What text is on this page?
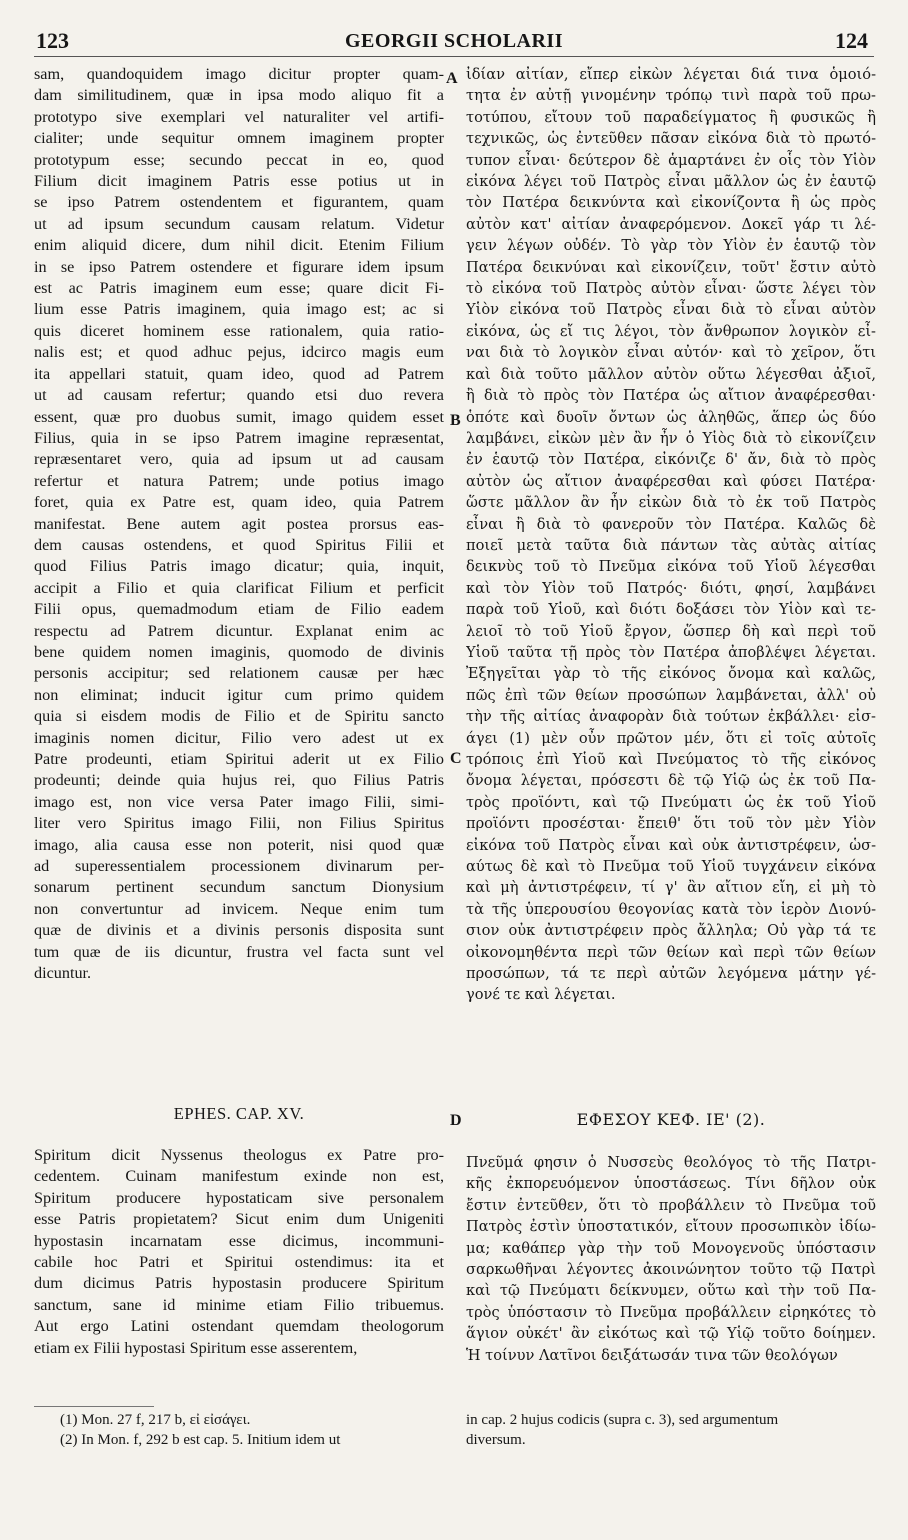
123	GEORGII SCHOLARII	124
A
B
C
D
sam, quandoquidem imago dicitur propter quam-
dam similitudinem, quæ in ipsa modo aliquo fit a
prototypo sive exemplari vel naturaliter vel artifi-
cialiter; unde sequitur omnem imaginem propter
prototypum esse; secundo peccat in eo, quod
Filium dicit imaginem Patris esse potius ut in
se ipso Patrem ostendentem et figurantem, quam
ut ad ipsum secundum causam relatum. Videtur
enim aliquid dicere, dum nihil dicit. Etenim Filium
in se ipso Patrem ostendere et figurare idem ipsum
est ac Patris imaginem eum esse; quare dicit Fi-
lium esse Patris imaginem, quia imago est; ac si
quis diceret hominem esse rationalem, quia ratio-
nalis est; et quod adhuc pejus, idcirco magis eum
ita appellari statuit, quam ideo, quod ad Patrem
ut ad causam refertur; quando etsi duo revera
essent, quæ pro duobus sumit, imago quidem esset
Filius, quia in se ipso Patrem imagine repræsentat,
repræsentaret vero, quia ad ipsum ut ad causam
refertur et natura Patrem; unde potius imago
foret, quia ex Patre est, quam ideo, quia Patrem
manifestat. Bene autem agit postea prorsus eas-
dem causas ostendens, et quod Spiritus Filii et
quod Filius Patris imago dicatur; quia, inquit,
accipit a Filio et quia clarificat Filium et perficit
Filii opus, quemadmodum etiam de Filio eadem
respectu ad Patrem dicuntur. Explanat enim ac
bene quidem nomen imaginis, quomodo de divinis
personis accipitur; sed relationem causæ per hæc
non eliminat; inducit igitur cum primo quidem
quia si eisdem modis de Filio et de Spiritu sancto
imaginis nomen dicitur, Filio vero adest ut ex
Patre prodeunti, etiam Spiritui aderit ut ex Filio
prodeunti; deinde quia hujus rei, quo Filius Patris
imago est, non vice versa Pater imago Filii, simi-
liter vero Spiritus imago Filii, non Filius Spiritus
imago, alia causa esse non poterit, nisi quod quæ
ad superessentialem processionem divinarum per-
sonarum pertinent secundum sanctum Dionysium
non convertuntur ad invicem. Neque enim tum
quæ de divinis et a divinis personis disposita sunt
tum quæ de iis dicuntur, frustra vel facta sunt vel
dicuntur.
ἰδίαν αἰτίαν, εἴπερ εἰκὼν λέγεται διά τινα ὁμοιό-
τητα ἐν αὐτῇ γινομένην τρόπῳ τινὶ παρὰ τοῦ πρω-
τοτύπου, εἴτουν τοῦ παραδείγματος ἢ φυσικῶς ἢ
τεχνικῶς, ὡς ἐντεῦθεν πᾶσαν εἰκόνα διὰ τὸ πρωτό-
τυπον εἶναι· δεύτερον δὲ ἁμαρτάνει ἐν οἷς τὸν Υἱὸν
εἰκόνα λέγει τοῦ Πατρὸς εἶναι μᾶλλον ὡς ἐν ἑαυτῷ
τὸν Πατέρα δεικνύντα καὶ εἰκονίζοντα ἢ ὡς πρὸς
αὐτὸν κατ' αἰτίαν ἀναφερόμενον. Δοκεῖ γάρ τι λέ-
γειν λέγων οὐδέν. Τὸ γὰρ τὸν Υἱὸν ἐν ἑαυτῷ τὸν
Πατέρα δεικνύναι καὶ εἰκονίζειν, τοῦτ' ἔστιν αὐτὸ
τὸ εἰκόνα τοῦ Πατρὸς αὐτὸν εἶναι· ὥστε λέγει τὸν
Υἱὸν εἰκόνα τοῦ Πατρὸς εἶναι διὰ τὸ εἶναι αὐτὸν
εἰκόνα, ὡς εἴ τις λέγοι, τὸν ἄνθρωπον λογικὸν εἶ-
ναι διὰ τὸ λογικὸν εἶναι αὐτόν· καὶ τὸ χεῖρον, ὅτι
καὶ διὰ τοῦτο μᾶλλον αὐτὸν οὕτω λέγεσθαι ἀξιοῖ,
ἢ διὰ τὸ πρὸς τὸν Πατέρα ὡς αἴτιον ἀναφέρεσθαι·
ὁπότε καὶ δυοῖν ὄντων ὡς ἀληθῶς, ἅπερ ὡς δύο
λαμβάνει, εἰκὼν μὲν ἂν ἦν ὁ Υἱὸς διὰ τὸ εἰκονίζειν
ἐν ἑαυτῷ τὸν Πατέρα, εἰκόνιζε δ' ἄν, διὰ τὸ πρὸς
αὐτὸν ὡς αἴτιον ἀναφέρεσθαι καὶ φύσει Πατέρα·
ὥστε μᾶλλον ἂν ἦν εἰκὼν διὰ τὸ ἐκ τοῦ Πατρὸς
εἶναι ἢ διὰ τὸ φανεροῦν τὸν Πατέρα. Καλῶς δὲ
ποιεῖ μετὰ ταῦτα διὰ πάντων τὰς αὐτὰς αἰτίας
δεικνὺς τοῦ τὸ Πνεῦμα εἰκόνα τοῦ Υἱοῦ λέγεσθαι
καὶ τὸν Υἱὸν τοῦ Πατρός· διότι, φησί, λαμβάνει
παρὰ τοῦ Υἱοῦ, καὶ διότι δοξάσει τὸν Υἱὸν καὶ τε-
λειοῖ τὸ τοῦ Υἱοῦ ἔργον, ὥσπερ δὴ καὶ περὶ τοῦ
Υἱοῦ ταῦτα τῇ πρὸς τὸν Πατέρα ἀποβλέψει λέγεται.
Ἐξηγεῖται γὰρ τὸ τῆς εἰκόνος ὄνομα καὶ καλῶς,
πῶς ἐπὶ τῶν θείων προσώπων λαμβάνεται, ἀλλ' οὐ
τὴν τῆς αἰτίας ἀναφορὰν διὰ τούτων ἐκβάλλει· εἰσ-
άγει (1) μὲν οὖν πρῶτον μέν, ὅτι εἰ τοῖς αὐτοῖς
τρόποις ἐπὶ Υἱοῦ καὶ Πνεύματος τὸ τῆς εἰκόνος
ὄνομα λέγεται, πρόσεστι δὲ τῷ Υἱῷ ὡς ἐκ τοῦ Πα-
τρὸς προϊόντι, καὶ τῷ Πνεύματι ὡς ἐκ τοῦ Υἱοῦ
προϊόντι προσέσται· ἔπειθ' ὅτι τοῦ τὸν μὲν Υἱὸν
εἰκόνα τοῦ Πατρὸς εἶναι καὶ οὐκ ἀντιστρέφειν, ὡσ-
αύτως δὲ καὶ τὸ Πνεῦμα τοῦ Υἱοῦ τυγχάνειν εἰκόνα
καὶ μὴ ἀντιστρέφειν, τί γ' ἂν αἴτιον εἴη, εἰ μὴ τὸ
τὰ τῆς ὑπερουσίου θεογονίας κατὰ τὸν ἱερὸν Διονύ-
σιον οὐκ ἀντιστρέφειν πρὸς ἄλληλα; Οὐ γὰρ τά τε
οἰκονομηθέντα περὶ τῶν θείων καὶ περὶ τῶν θείων
προσώπων, τά τε περὶ αὐτῶν λεγόμενα μάτην γέ-
γονέ τε καὶ λέγεται.
EPHES. CAP. XV.	ΕΦΕΣΟΥ ΚΕΦ. ΙΕ' (2).
Spiritum dicit Nyssenus theologus ex Patre pro-
cedentem. Cuinam manifestum exinde non est,
Spiritum producere hypostaticam sive personalem
esse Patris propietatem? Sicut enim dum Unigeniti
hypostasin incarnatam esse dicimus, incommuni-
cabile hoc Patri et Spiritui ostendimus: ita et
dum dicimus Patris hypostasin producere Spiritum
sanctum, sane id minime etiam Filio tribuemus.
Aut ergo Latini ostendant quemdam theologorum
etiam ex Filii hypostasi Spiritum esse asserentem,
Πνεῦμά φησιν ὁ Νυσσεὺς θεολόγος τὸ τῆς Πατρι-
κῆς ἐκπορευόμενον ὑποστάσεως. Τίνι δῆλον οὐκ
ἔστιν ἐντεῦθεν, ὅτι τὸ προβάλλειν τὸ Πνεῦμα τοῦ
Πατρὸς ἐστὶν ὑποστατικόν, εἴτουν προσωπικὸν ἰδίω-
μα; καθάπερ γὰρ τὴν τοῦ Μονογενοῦς ὑπόστασιν
σαρκωθῆναι λέγοντες ἀκοινώνητον τοῦτο τῷ Πατρὶ
καὶ τῷ Πνεύματι δείκνυμεν, οὕτω καὶ τὴν τοῦ Πα-
τρὸς ὑπόστασιν τὸ Πνεῦμα προβάλλειν εἰρηκότες τὸ
ἅγιον οὐκέτ' ἂν εἰκότως καὶ τῷ Υἱῷ τοῦτο δοίημεν.
Ἡ τοίνυν Λατῖνοι δειξάτωσάν τινα τῶν θεολόγων
(1) Mon. 27 f, 217 b, εἰ εἰσάγει.
(2) In Mon. f, 292 b est cap. 5. Initium idem ut
in cap. 2 hujus codicis (supra c. 3), sed argumentum
diversum.
